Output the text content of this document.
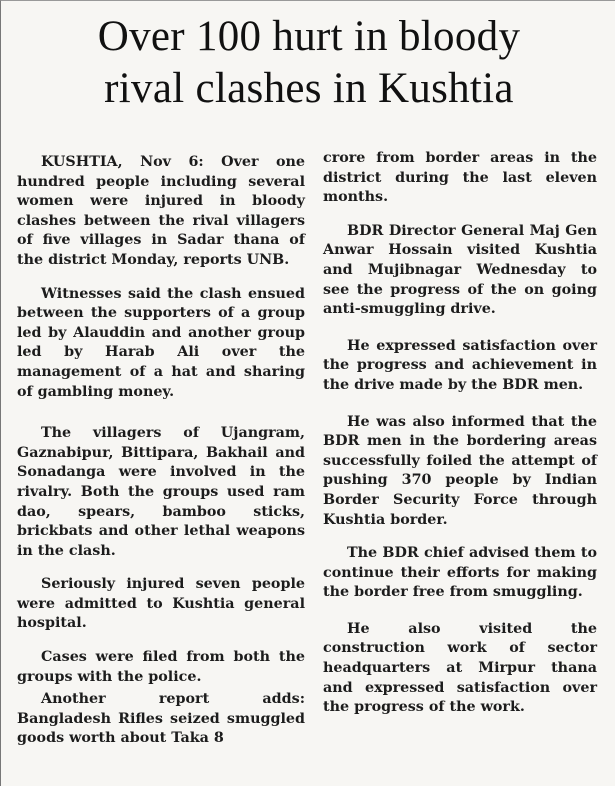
Over 100 hurt in bloody
rival clashes in Kushtia

KUSHTIA, Nov 6: Over one hundred people including several women were injured in bloody clashes between the rival villagers of five villages in Sadar thana of the district Monday, reports UNB.

Witnesses said the clash ensued between the supporters of a group led by Alauddin and another group led by Harab Ali over the management of a hat and sharing of gambling money.

The villagers of Ujangram, Gaznabipur, Bittipara, Bakhail and Sonadanga were involved in the rivalry. Both the groups used ram dao, spears, bamboo sticks, brickbats and other lethal weapons in the clash.

Seriously injured seven people were admitted to Kushtia general hospital.

Cases were filed from both the groups with the police.

Another report adds: Bangladesh Rifles seized smuggled goods worth about Taka 8

crore from border areas in the district during the last eleven months.

BDR Director General Maj Gen Anwar Hossain visited Kushtia and Mujibnagar Wednesday to see the progress of the on going anti-smuggling drive.

He expressed satisfaction over the progress and achievement in the drive made by the BDR men.

He was also informed that the BDR men in the bordering areas successfully foiled the attempt of pushing 370 people by Indian Border Security Force through Kushtia border.

The BDR chief advised them to continue their efforts for making the border free from smuggling.

He also visited the construction work of sector headquarters at Mirpur thana and expressed satisfaction over the progress of the work.
